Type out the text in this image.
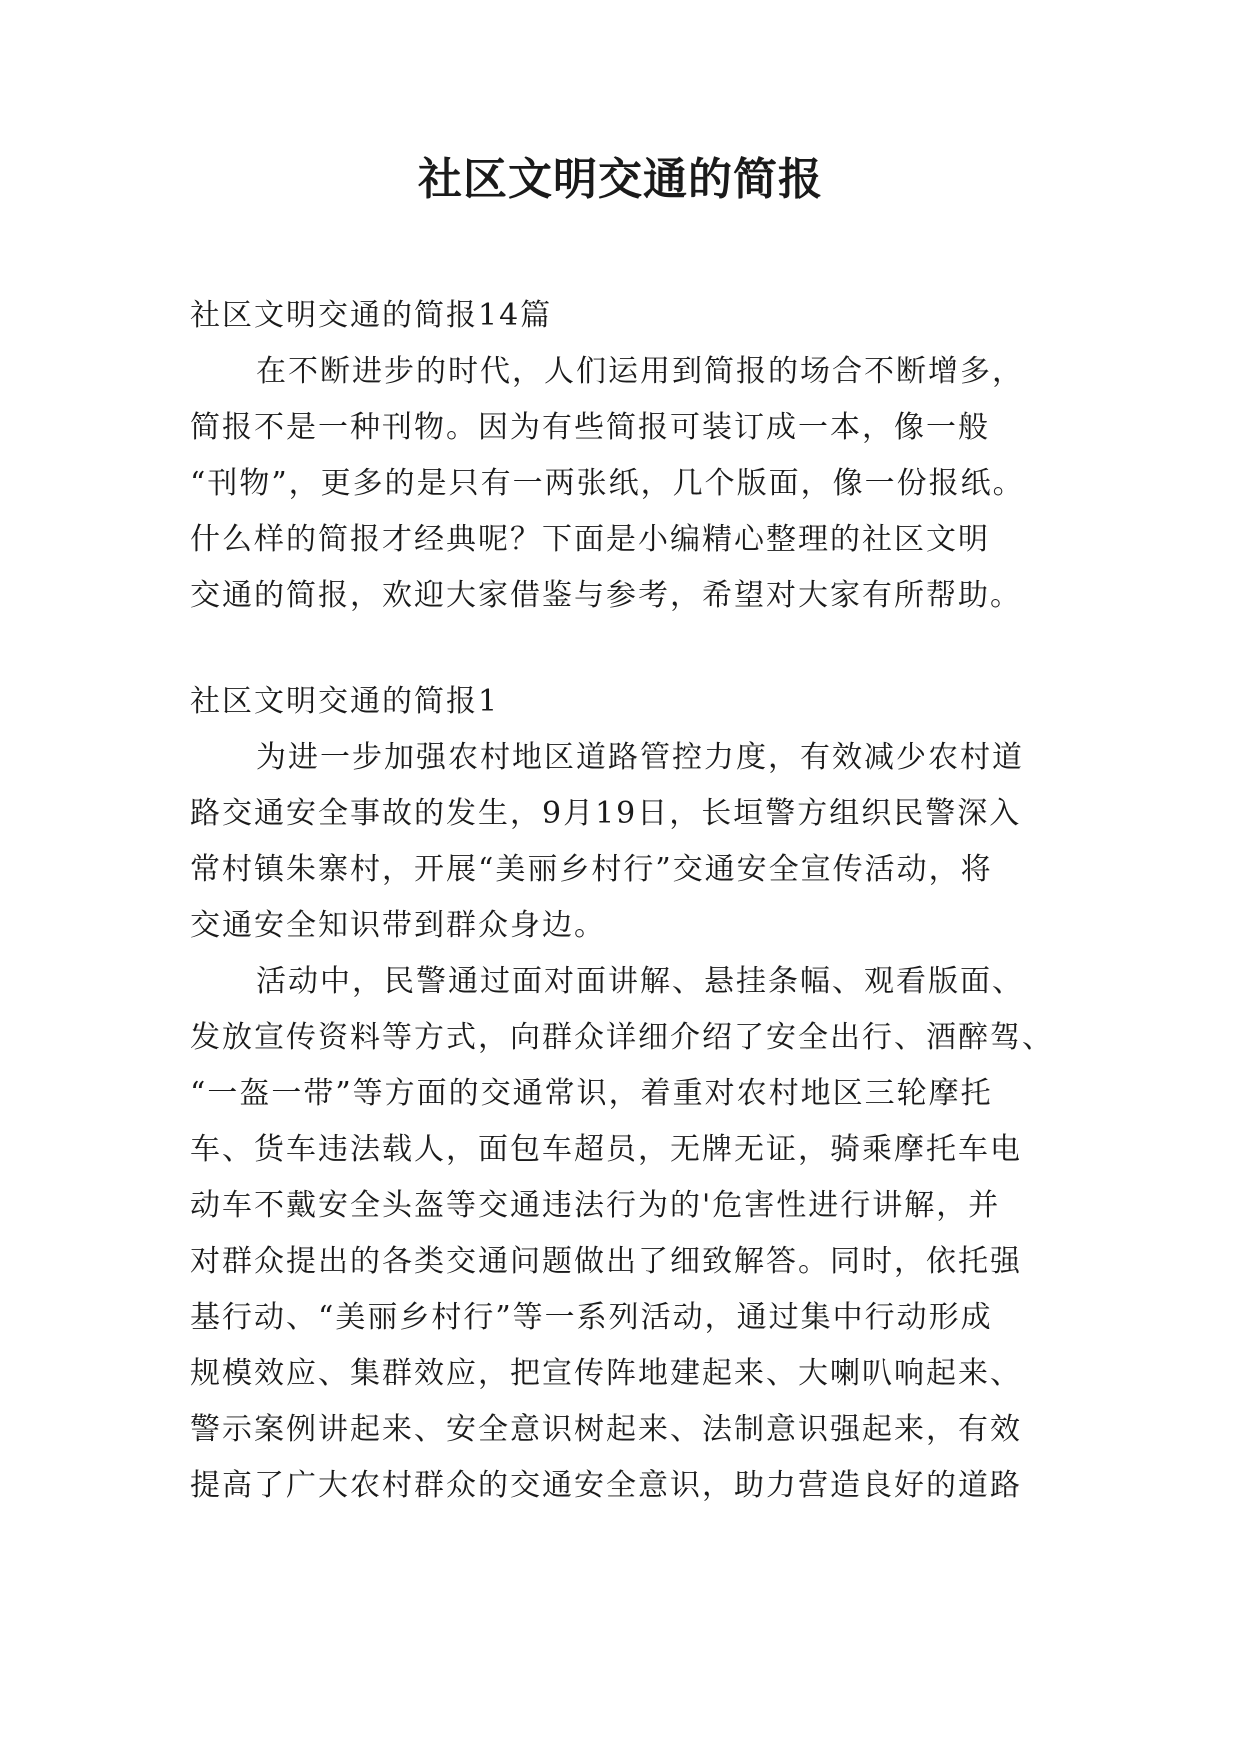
社区文明交通的简报

社区文明交通的简报14篇

在不断进步的时代，人们运用到简报的场合不断增多，

简报不是一种刊物。因为有些简报可装订成一本，像一般
“刊物”，更多的是只有一两张纸，几个版面，像一份报纸。
什么样的简报才经典呢？下面是小编精心整理的社区文明
交通的简报，欢迎大家借鉴与参考，希望对大家有所帮助。

社区文明交通的简报1

为进一步加强农村地区道路管控力度，有效减少农村道

路交通安全事故的发生，9月19日，长垣警方组织民警深入
常村镇朱寨村，开展“美丽乡村行”交通安全宣传活动，将
交通安全知识带到群众身边。

活动中，民警通过面对面讲解、悬挂条幅、观看版面、

发放宣传资料等方式，向群众详细介绍了安全出行、酒醉驾、
“一盔一带”等方面的交通常识，着重对农村地区三轮摩托
车、货车违法载人，面包车超员，无牌无证，骑乘摩托车电
动车不戴安全头盔等交通违法行为的'危害性进行讲解，并
对群众提出的各类交通问题做出了细致解答。同时，依托强
基行动、“美丽乡村行”等一系列活动，通过集中行动形成
规模效应、集群效应，把宣传阵地建起来、大喇叭响起来、
警示案例讲起来、安全意识树起来、法制意识强起来，有效
提高了广大农村群众的交通安全意识，助力营造良好的道路
